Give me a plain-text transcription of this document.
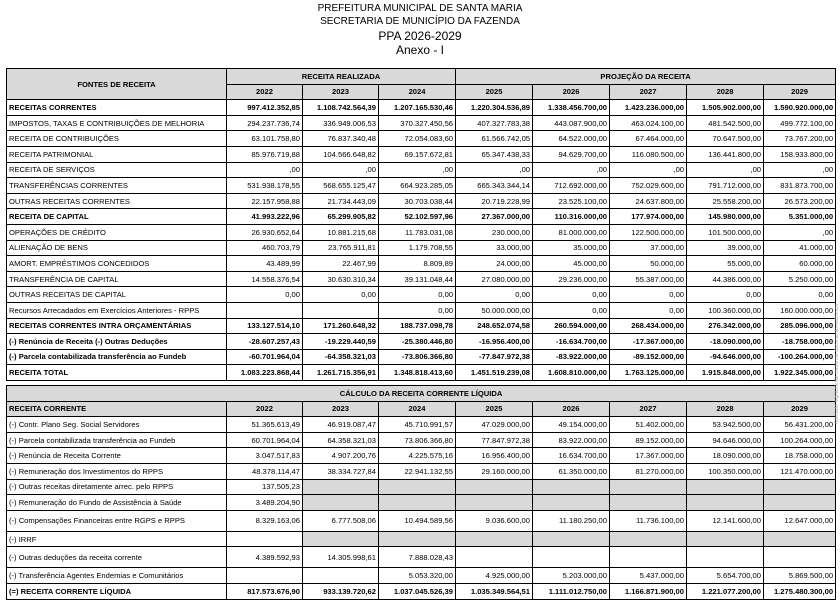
PREFEITURA MUNICIPAL DE SANTA MARIA
SECRETARIA DE MUNICÍPIO DA FAZENDA
PPA 2026-2029
Anexo - I
FONTES DE RECEITA	RECEITA REALIZADA			PROJEÇÃO DA RECEITA				
	2022	2023	2024	2025	2026	2027	2028	2029
RECEITAS CORRENTES	997.412.352,85	1.108.742.564,39	1.207.165.530,46	1.220.304.536,89	1.338.456.700,00	1.423.236.000,00	1.505.902.000,00	1.590.920.000,00
IMPOSTOS, TAXAS E CONTRIBUIÇÕES DE MELHORIA	294.237.736,74	336.949.006,53	370.327.450,56	407.327.783,38	443.087.900,00	463.024.100,00	481.542.500,00	499.772.100,00
RECEITA DE CONTRIBUIÇÕES	63.101.758,80	76.837.340,48	72.054.083,60	61.566.742,05	64.522.000,00	67.464.000,00	70.647.500,00	73.767.200,00
RECEITA PATRIMONIAL	85.976.719,88	104.566.648,82	69.157.672,81	65.347.438,33	94.629.700,00	116.080.500,00	136.441.800,00	158.933.800,00
RECEITA DE SERVIÇOS	,00	,00	,00	,00	,00	,00	,00	,00
TRANSFERÊNCIAS CORRENTES	531.938.178,55	568.655.125,47	664.923.285,05	665.343.344,14	712.692.000,00	752.029.600,00	791.712.000,00	831.873.700,00
OUTRAS RECEITAS CORRENTES	22.157.958,88	21.734.443,09	30.703.038,44	20.719.228,99	23.525.100,00	24.637.800,00	25.558.200,00	26.573.200,00
RECEITA DE CAPITAL	41.993.222,96	65.299.905,82	52.102.597,96	27.367.000,00	110.316.000,00	177.974.000,00	145.980.000,00	5.351.000,00
OPERAÇÕES DE CRÉDITO	26.930.652,64	10.881.215,68	11.783.031,08	230.000,00	81.000.000,00	122.500.000,00	101.500.000,00	,00
ALIENAÇÃO DE BENS	460.703,79	23.765.911,81	1.179.708,55	33.000,00	35.000,00	37.000,00	39.000,00	41.000,00
AMORT. EMPRÉSTIMOS CONCEDIDOS	43.489,99	22.467,99	8.809,89	24.000,00	45.000,00	50.000,00	55.000,00	60.000,00
TRANSFERÊNCIA DE CAPITAL	14.558.376,54	30.630.310,34	39.131.048,44	27.080.000,00	29.236.000,00	55.387.000,00	44.386.000,00	5.250.000,00
OUTRAS RECEITAS DE CAPITAL	0,00	0,00	0,00	0,00	0,00	0,00	0,00	0,00
Recursos Arrecadados em Exercícios Anteriores - RPPS			0,00	50.000.000,00	0,00	0,00	100.360.000,00	160.000.000,00
RECEITAS CORRENTES INTRA ORÇAMENTÁRIAS	133.127.514,10	171.260.648,32	188.737.098,78	248.652.074,58	260.594.000,00	268.434.000,00	276.342.000,00	285.096.000,00
(-) Renúncia de Receita (-) Outras Deduções	-28.607.257,43	-19.229.440,59	-25.380.446,80	-16.956.400,00	-16.634.700,00	-17.367.000,00	-18.090.000,00	-18.758.000,00
(-) Parcela contabilizada transferência ao Fundeb	-60.701.964,04	-64.358.321,03	-73.806.366,80	-77.847.972,38	-83.922.000,00	-89.152.000,00	-94.646.000,00	-100.264.000,00
RECEITA TOTAL	1.083.223.868,44	1.261.715.356,91	1.348.818.413,60	1.451.519.239,08	1.608.810.000,00	1.763.125.000,00	1.915.848.000,00	1.922.345.000,00
CÁLCULO DA RECEITA CORRENTE LÍQUIDA								
RECEITA CORRENTE	2022	2023	2024	2025	2026	2027	2028	2029
(-) Contr. Plano Seg. Social Servidores	51.365.613,49	46.919.087,47	45.710.991,57	47.029.000,00	49.154.000,00	51.402.000,00	53.942.500,00	56.431.200,00
(-) Parcela contabilizada transferência ao Fundeb	60.701.964,04	64.358.321,03	73.806.366,80	77.847.972,38	83.922.000,00	89.152.000,00	94.646.000,00	100.264.000,00
(-) Renúncia de Receita Corrente	3.047.517,83	4.907.200,76	4.225.575,16	16.956.400,00	16.634.700,00	17.367.000,00	18.090.000,00	18.758.000,00
(-) Remuneração dos Investimentos do RPPS	48.378.114,47	38.334.727,84	22.941.132,55	29.160.000,00	61.350.000,00	81.270.000,00	100.350.000,00	121.470.000,00
(-) Outras receitas diretamente arrec. pelo RPPS	137.505,23							
(-) Remuneração do Fundo de Assistência à Saúde	3.489.204,90							
(-) Compensações Financeiras entre RGPS e RPPS	8.329.163,06	6.777.508,06	10.494.589,56	9.036.600,00	11.180.250,00	11.736.100,00	12.141.600,00	12.647.000,00
(-) IRRF								
(-) Outras deduções da receita corrente	4.389.592,93	14.305.998,61	7.888.028,43					
(-) Transferência Agentes Endemias e Comunitários			5.053.320,00	4.925.000,00	5.203.000,00	5.437.000,00	5.654.700,00	5.869.500,00
(=) RECEITA CORRENTE LÍQUIDA	817.573.676,90	933.139.720,62	1.037.045.526,39	1.035.349.564,51	1.111.012.750,00	1.166.871.900,00	1.221.077.200,00	1.275.480.300,00
Assinado digitalmente conforme documento eletrônico
